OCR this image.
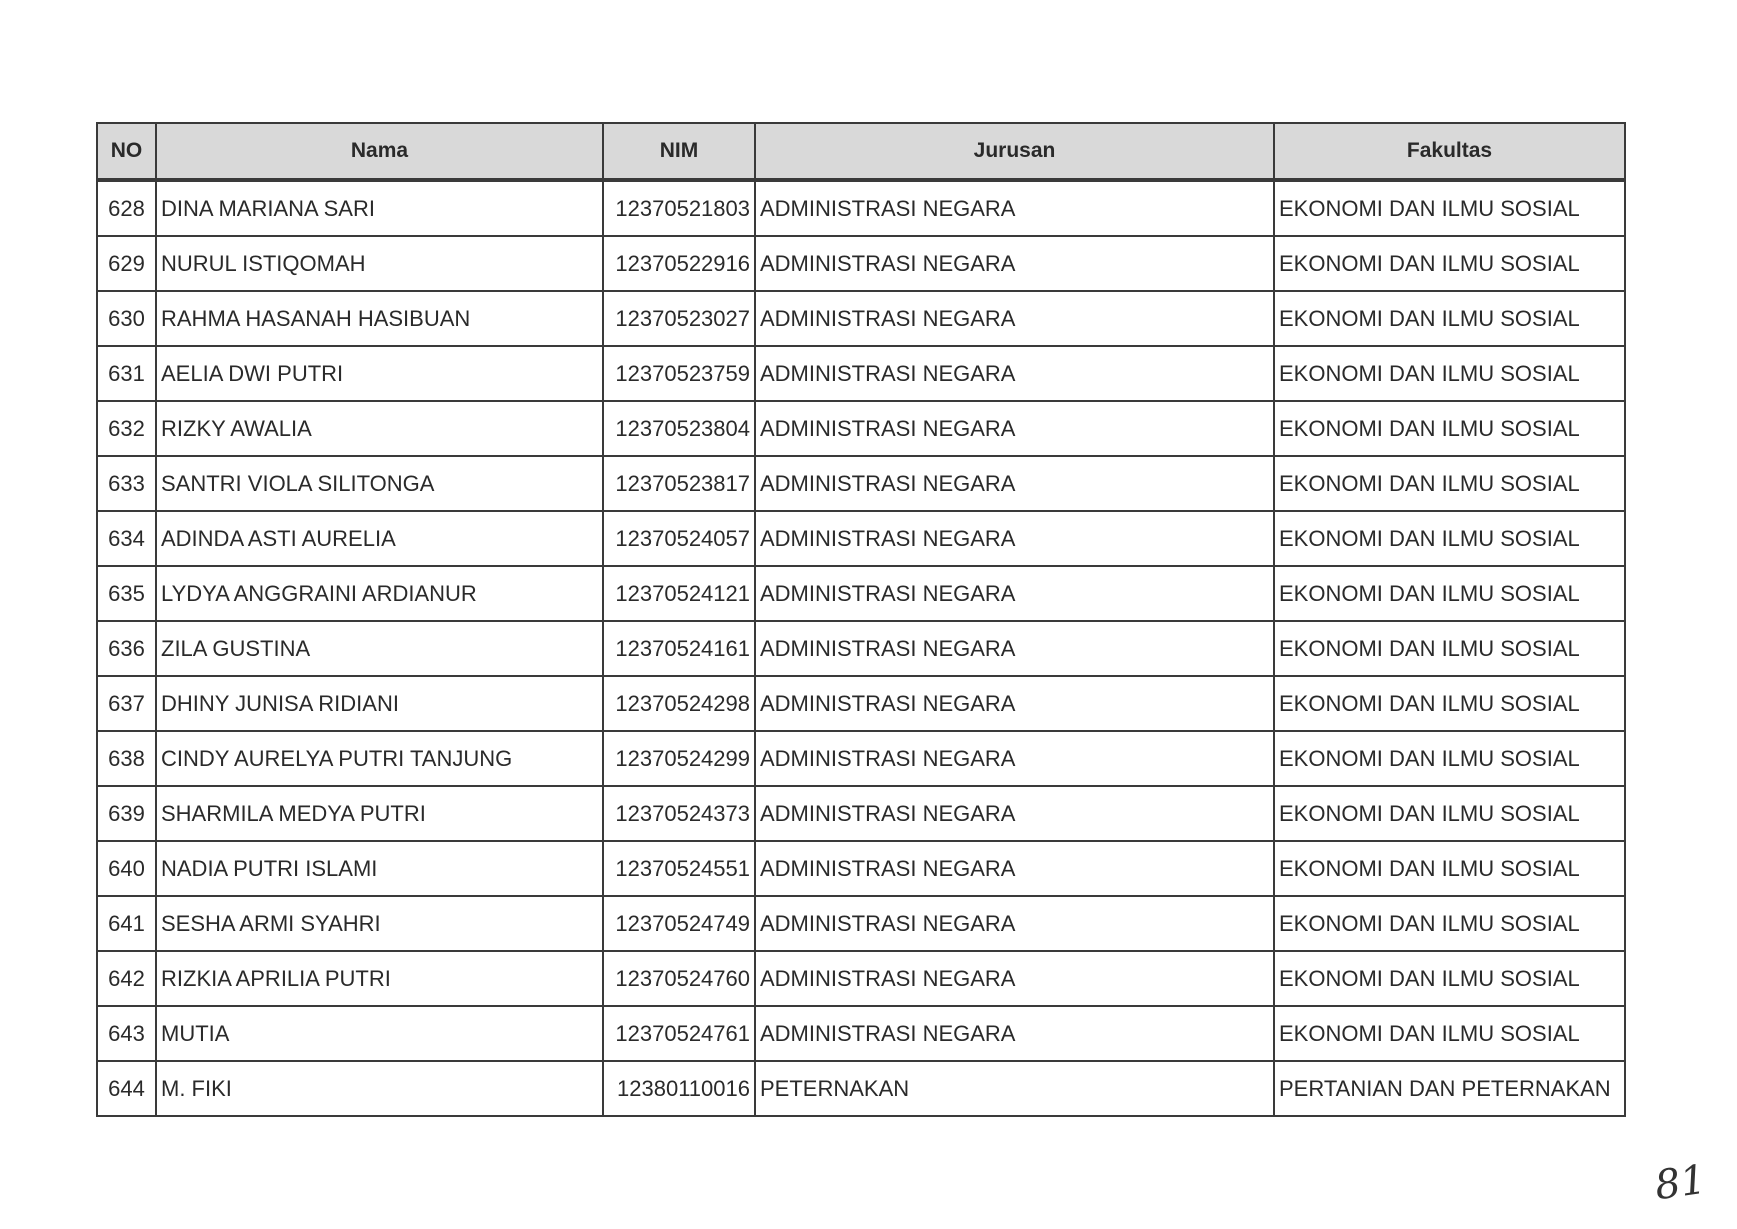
NO	Nama	NIM	Jurusan	Fakultas
628	DINA MARIANA SARI	12370521803	ADMINISTRASI NEGARA	EKONOMI DAN ILMU SOSIAL
629	NURUL ISTIQOMAH	12370522916	ADMINISTRASI NEGARA	EKONOMI DAN ILMU SOSIAL
630	RAHMA HASANAH HASIBUAN	12370523027	ADMINISTRASI NEGARA	EKONOMI DAN ILMU SOSIAL
631	AELIA DWI PUTRI	12370523759	ADMINISTRASI NEGARA	EKONOMI DAN ILMU SOSIAL
632	RIZKY AWALIA	12370523804	ADMINISTRASI NEGARA	EKONOMI DAN ILMU SOSIAL
633	SANTRI VIOLA SILITONGA	12370523817	ADMINISTRASI NEGARA	EKONOMI DAN ILMU SOSIAL
634	ADINDA ASTI AURELIA	12370524057	ADMINISTRASI NEGARA	EKONOMI DAN ILMU SOSIAL
635	LYDYA ANGGRAINI ARDIANUR	12370524121	ADMINISTRASI NEGARA	EKONOMI DAN ILMU SOSIAL
636	ZILA GUSTINA	12370524161	ADMINISTRASI NEGARA	EKONOMI DAN ILMU SOSIAL
637	DHINY JUNISA RIDIANI	12370524298	ADMINISTRASI NEGARA	EKONOMI DAN ILMU SOSIAL
638	CINDY AURELYA PUTRI TANJUNG	12370524299	ADMINISTRASI NEGARA	EKONOMI DAN ILMU SOSIAL
639	SHARMILA MEDYA PUTRI	12370524373	ADMINISTRASI NEGARA	EKONOMI DAN ILMU SOSIAL
640	NADIA PUTRI ISLAMI	12370524551	ADMINISTRASI NEGARA	EKONOMI DAN ILMU SOSIAL
641	SESHA ARMI SYAHRI	12370524749	ADMINISTRASI NEGARA	EKONOMI DAN ILMU SOSIAL
642	RIZKIA APRILIA PUTRI	12370524760	ADMINISTRASI NEGARA	EKONOMI DAN ILMU SOSIAL
643	MUTIA	12370524761	ADMINISTRASI NEGARA	EKONOMI DAN ILMU SOSIAL
644	M. FIKI	12380110016	PETERNAKAN	PERTANIAN DAN PETERNAKAN
81
